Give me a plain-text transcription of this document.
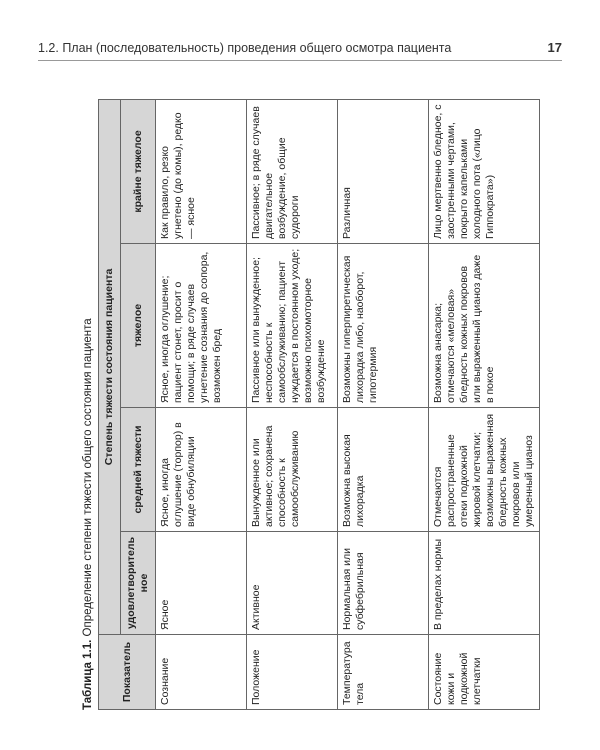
1.2. План (последовательность) проведения общего осмотра пациента	17
Таблица 1.1. Определение степени тяжести общего состояния пациента
Показатель	Степень тяжести состояния пациента			
	удовлетворительное	средней тяжести	тяжелое	крайне тяжелое
Сознание	Ясное	Ясное, иногда оглушение (торпор) в виде обнубиляции	Ясное, иногда оглушение; пациент стонет, просит о помощи; в ряде случаев угнетение сознания до сопора, возможен бред	Как правило, резко угнетено (до комы), редко — ясное
Положение	Активное	Вынужденное или активное; сохранена способность к самообслуживанию	Пассивное или вынужденное; неспособность к самообслуживанию; пациент нуждается в постоянном уходе; возможно психомоторное возбуждение	Пассивное; в ряде случаев двигательное возбуждение, общие судороги
Температура тела	Нормальная или субфебрильная	Возможна высокая лихорадка	Возможны гиперпиретическая лихорадка либо, наоборот, гипотермия	Различная
Состояние кожи и подкожной клетчатки	В пределах нормы	Отмечаются распространенные отеки подкожной жировой клетчатки; возможны выраженная бледность кожных покровов или умеренный цианоз	Возможна анасарка; отмечаются «меловая» бледность кожных покровов или выраженный цианоз даже в покое	Лицо мертвенно бледное, с заостренными чертами, покрыто капельками холодного пота («лицо Гиппократа»)
